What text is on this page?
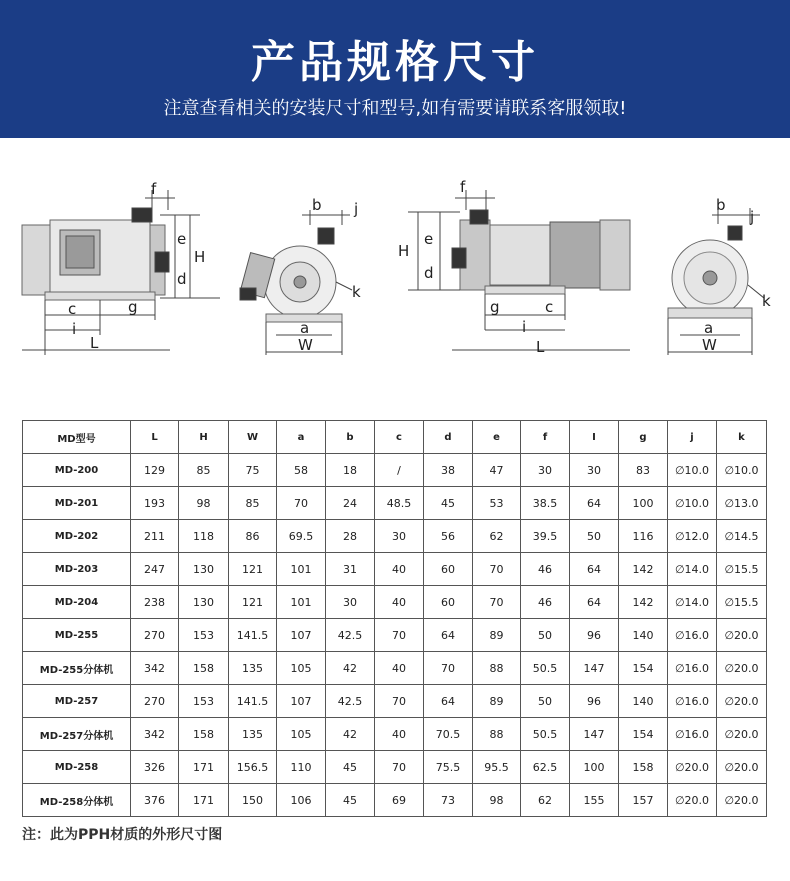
产品规格尺寸

注意查看相关的安装尺寸和型号,如有需要请联系客服领取!

f
e
H
d
c	g
i
L
b j
k
a
W
f
e
H
d
g	c
i
L
b
j
k
a
W
MD型号	L	H	W	a	b	c	d	e	f	I	g	j	k
MD-200	129	85	75	58	18	/	38	47	30	30	83	∅10.0	∅10.0
MD-201	193	98	85	70	24	48.5	45	53	38.5	64	100	∅10.0	∅13.0
MD-202	211	118	86	69.5	28	30	56	62	39.5	50	116	∅12.0	∅14.5
MD-203	247	130	121	101	31	40	60	70	46	64	142	∅14.0	∅15.5
MD-204	238	130	121	101	30	40	60	70	46	64	142	∅14.0	∅15.5
MD-255	270	153	141.5	107	42.5	70	64	89	50	96	140	∅16.0	∅20.0
MD-255分体机	342	158	135	105	42	40	70	88	50.5	147	154	∅16.0	∅20.0
MD-257	270	153	141.5	107	42.5	70	64	89	50	96	140	∅16.0	∅20.0
MD-257分体机	342	158	135	105	42	40	70.5	88	50.5	147	154	∅16.0	∅20.0
MD-258	326	171	156.5	110	45	70	75.5	95.5	62.5	100	158	∅20.0	∅20.0
MD-258分体机	376	171	150	106	45	69	73	98	62	155	157	∅20.0	∅20.0
注：此为PPH材质的外形尺寸图
